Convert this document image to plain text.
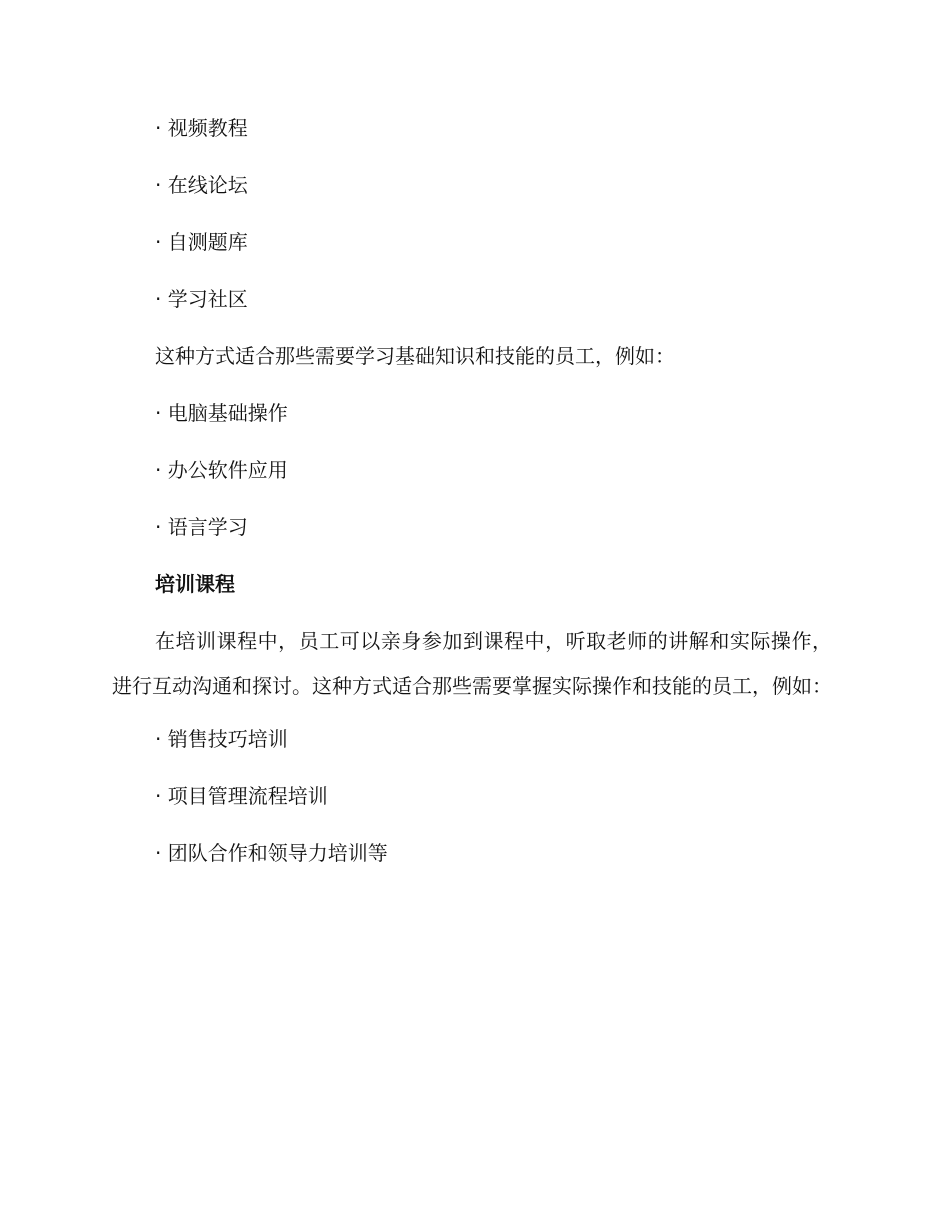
· 视频教程
· 在线论坛
· 自测题库
· 学习社区
这种方式适合那些需要学习基础知识和技能的员工，例如：
· 电脑基础操作
· 办公软件应用
· 语言学习
培训课程
在培训课程中，员工可以亲身参加到课程中，听取老师的讲解和实际操作，进行互动沟通和探讨。这种方式适合那些需要掌握实际操作和技能的员工，例如：
· 销售技巧培训
· 项目管理流程培训
· 团队合作和领导力培训等
